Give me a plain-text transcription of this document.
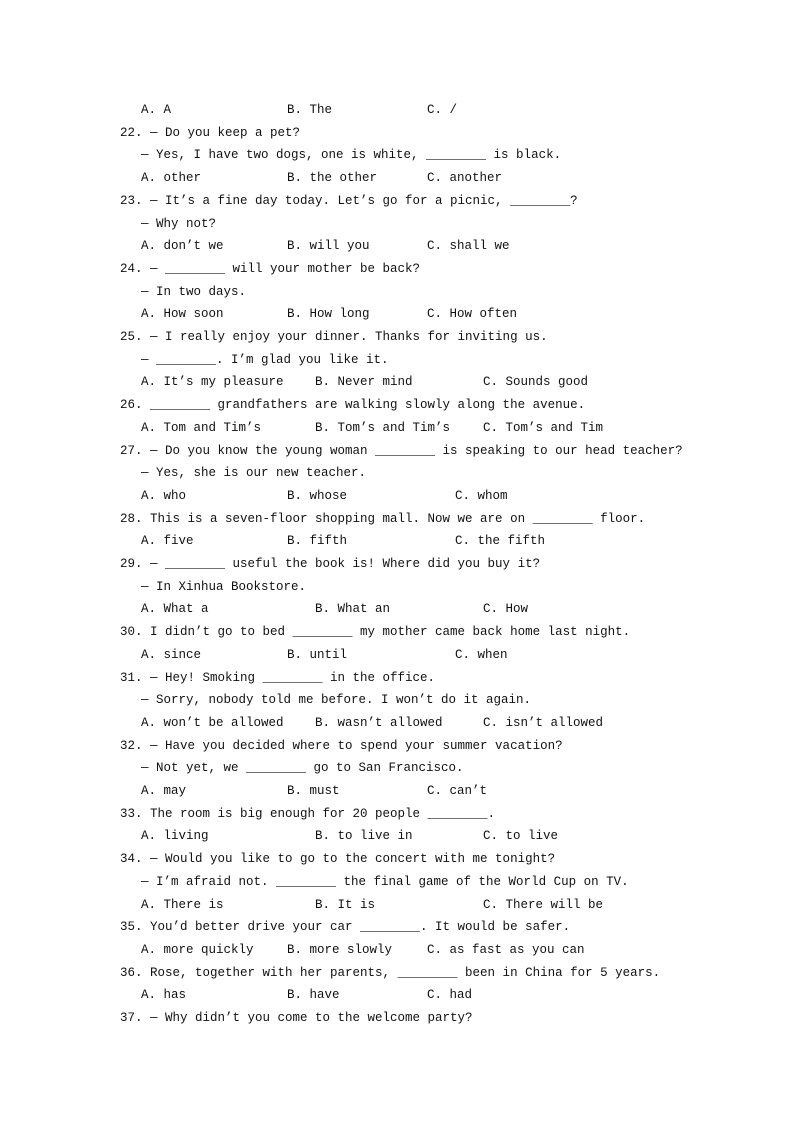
A. A	B. The	C. /
22. — Do you keep a pet?
— Yes, I have two dogs, one is white, ________ is black.
A. other	B. the other	C. another
23. — It’s a fine day today. Let’s go for a picnic, ________?
— Why not?
A. don’t we	B. will you	C. shall we
24. — ________ will your mother be back?
— In two days.
A. How soon	B. How long	C. How often
25. — I really enjoy your dinner. Thanks for inviting us.
— ________. I’m glad you like it.
A. It’s my pleasure	B. Never mind	C. Sounds good
26. ________ grandfathers are walking slowly along the avenue.
A. Tom and Tim’s	B. Tom’s and Tim’s	C. Tom’s and Tim
27. — Do you know the young woman ________ is speaking to our head teacher?
— Yes, she is our new teacher.
A. who	B. whose	C. whom
28. This is a seven-floor shopping mall. Now we are on ________ floor.
A. five	B. fifth	C. the fifth
29. — ________ useful the book is! Where did you buy it?
— In Xinhua Bookstore.
A. What a	B. What an	C. How
30. I didn’t go to bed ________ my mother came back home last night.
A. since	B. until	C. when
31. — Hey! Smoking ________ in the office.
— Sorry, nobody told me before. I won’t do it again.
A. won’t be allowed	B. wasn’t allowed	C. isn’t allowed
32. — Have you decided where to spend your summer vacation?
— Not yet, we ________ go to San Francisco.
A. may	B. must	C. can’t
33. The room is big enough for 20 people ________.
A. living	B. to live in	C. to live
34. — Would you like to go to the concert with me tonight?
— I’m afraid not. ________ the final game of the World Cup on TV.
A. There is	B. It is	C. There will be
35. You’d better drive your car ________. It would be safer.
A. more quickly	B. more slowly	C. as fast as you can
36. Rose, together with her parents, ________ been in China for 5 years.
A. has	B. have	C. had
37. — Why didn’t you come to the welcome party?
